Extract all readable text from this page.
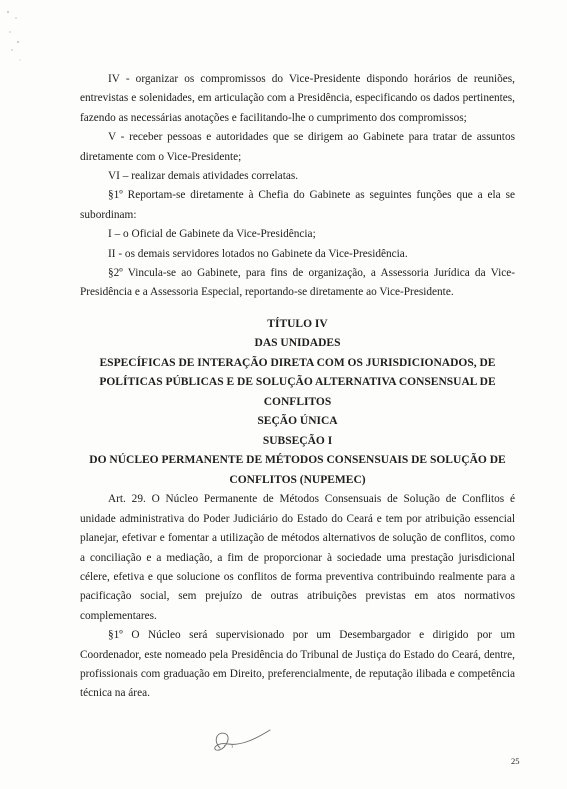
IV - organizar os compromissos do Vice-Presidente dispondo horários de reuniões, entrevistas e solenidades, em articulação com a Presidência, especificando os dados pertinentes, fazendo as necessárias anotações e facilitando-lhe o cumprimento dos compromissos;

V - receber pessoas e autoridades que se dirigem ao Gabinete para tratar de assuntos diretamente com o Vice-Presidente;

VI – realizar demais atividades correlatas.

§1º Reportam-se diretamente à Chefia do Gabinete as seguintes funções que a ela se subordinam:

I – o Oficial de Gabinete da Vice-Presidência;

II - os demais servidores lotados no Gabinete da Vice-Presidência.

§2º Vincula-se ao Gabinete, para fins de organização, a Assessoria Jurídica da Vice-Presidência e a Assessoria Especial, reportando-se diretamente ao Vice-Presidente.

TÍTULO IV

DAS UNIDADES

ESPECÍFICAS DE INTERAÇÃO DIRETA COM OS JURISDICIONADOS, DE POLÍTICAS PÚBLICAS E DE SOLUÇÃO ALTERNATIVA CONSENSUAL DE CONFLITOS

SEÇÃO ÚNICA

SUBSEÇÃO I

DO NÚCLEO PERMANENTE DE MÉTODOS CONSENSUAIS DE SOLUÇÃO DE CONFLITOS (NUPEMEC)

Art. 29. O Núcleo Permanente de Métodos Consensuais de Solução de Conflitos é unidade administrativa do Poder Judiciário do Estado do Ceará e tem por atribuição essencial planejar, efetivar e fomentar a utilização de métodos alternativos de solução de conflitos, como a conciliação e a mediação, a fim de proporcionar à sociedade uma prestação jurisdicional célere, efetiva e que solucione os conflitos de forma preventiva contribuindo realmente para a pacificação social, sem prejuízo de outras atribuições previstas em atos normativos complementares.

§1º O Núcleo será supervisionado por um Desembargador e dirigido por um Coordenador, este nomeado pela Presidência do Tribunal de Justiça do Estado do Ceará, dentre, profissionais com graduação em Direito, preferencialmente, de reputação ilibada e competência técnica na área.

25
